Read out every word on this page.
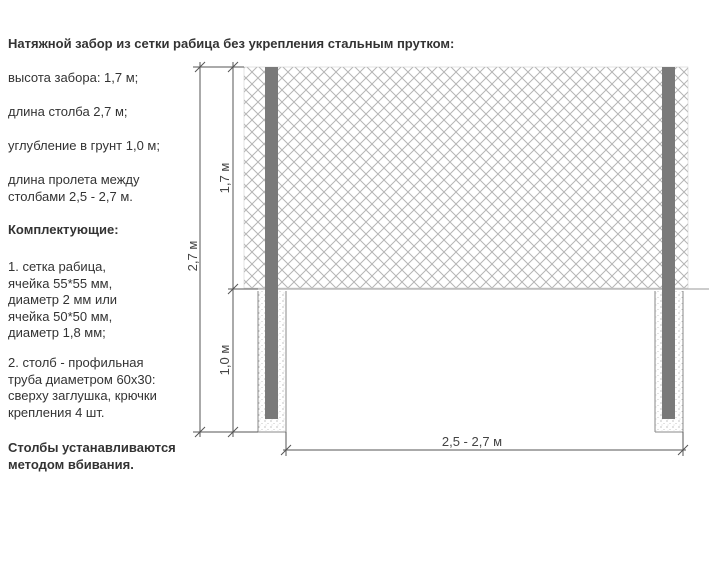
Натяжной забор из сетки рабица без укрепления стальным прутком:
высота забора: 1,7 м;
длина столба 2,7 м;
углубление в грунт 1,0 м;
длина пролета между
столбами 2,5 - 2,7 м.
Комплектующие:
1. сетка рабица,
ячейка 55*55 мм,
диаметр 2 мм или
ячейка 50*50 мм,
диаметр 1,8 мм;
2. столб - профильная
труба диаметром 60х30:
сверху заглушка, крючки
крепления 4 шт.
Столбы устанавливаются
методом вбивания.
2,7 м
1,7 м
1,0 м
2,5 - 2,7 м
